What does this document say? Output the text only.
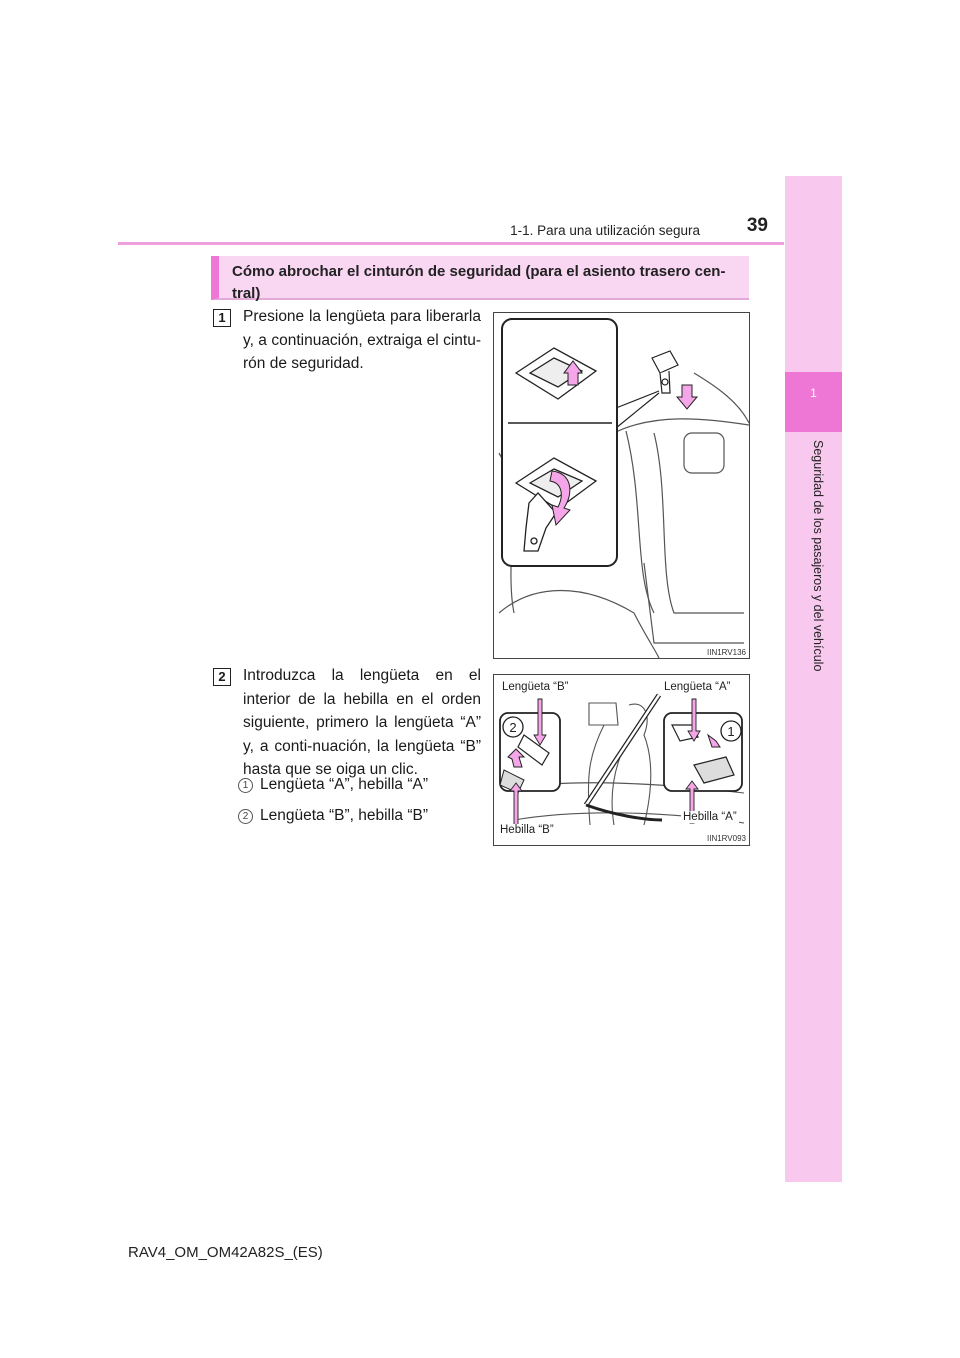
1
Seguridad de los pasajeros y del vehículo
1-1. Para una utilización segura	39
Cómo abrochar el cinturón de seguridad (para el asiento trasero cen-tral)
1	Presione la lengüeta para liberarla y, a continuación, extraiga el cintu-rón de seguridad.
IIN1RV136
2	Introduzca la lengüeta en el interior de la hebilla en el orden siguiente, primero la lengüeta “A” y, a conti-nuación, la lengüeta “B” hasta que se oiga un clic.
1 Lengüeta “A”, hebilla “A”
2 Lengüeta “B”, hebilla “B”
2	1
Lengüeta “B”	Lengüeta “A”
Hebilla “B”
Hebilla “A”
IIN1RV093
RAV4_OM_OM42A82S_(ES)
